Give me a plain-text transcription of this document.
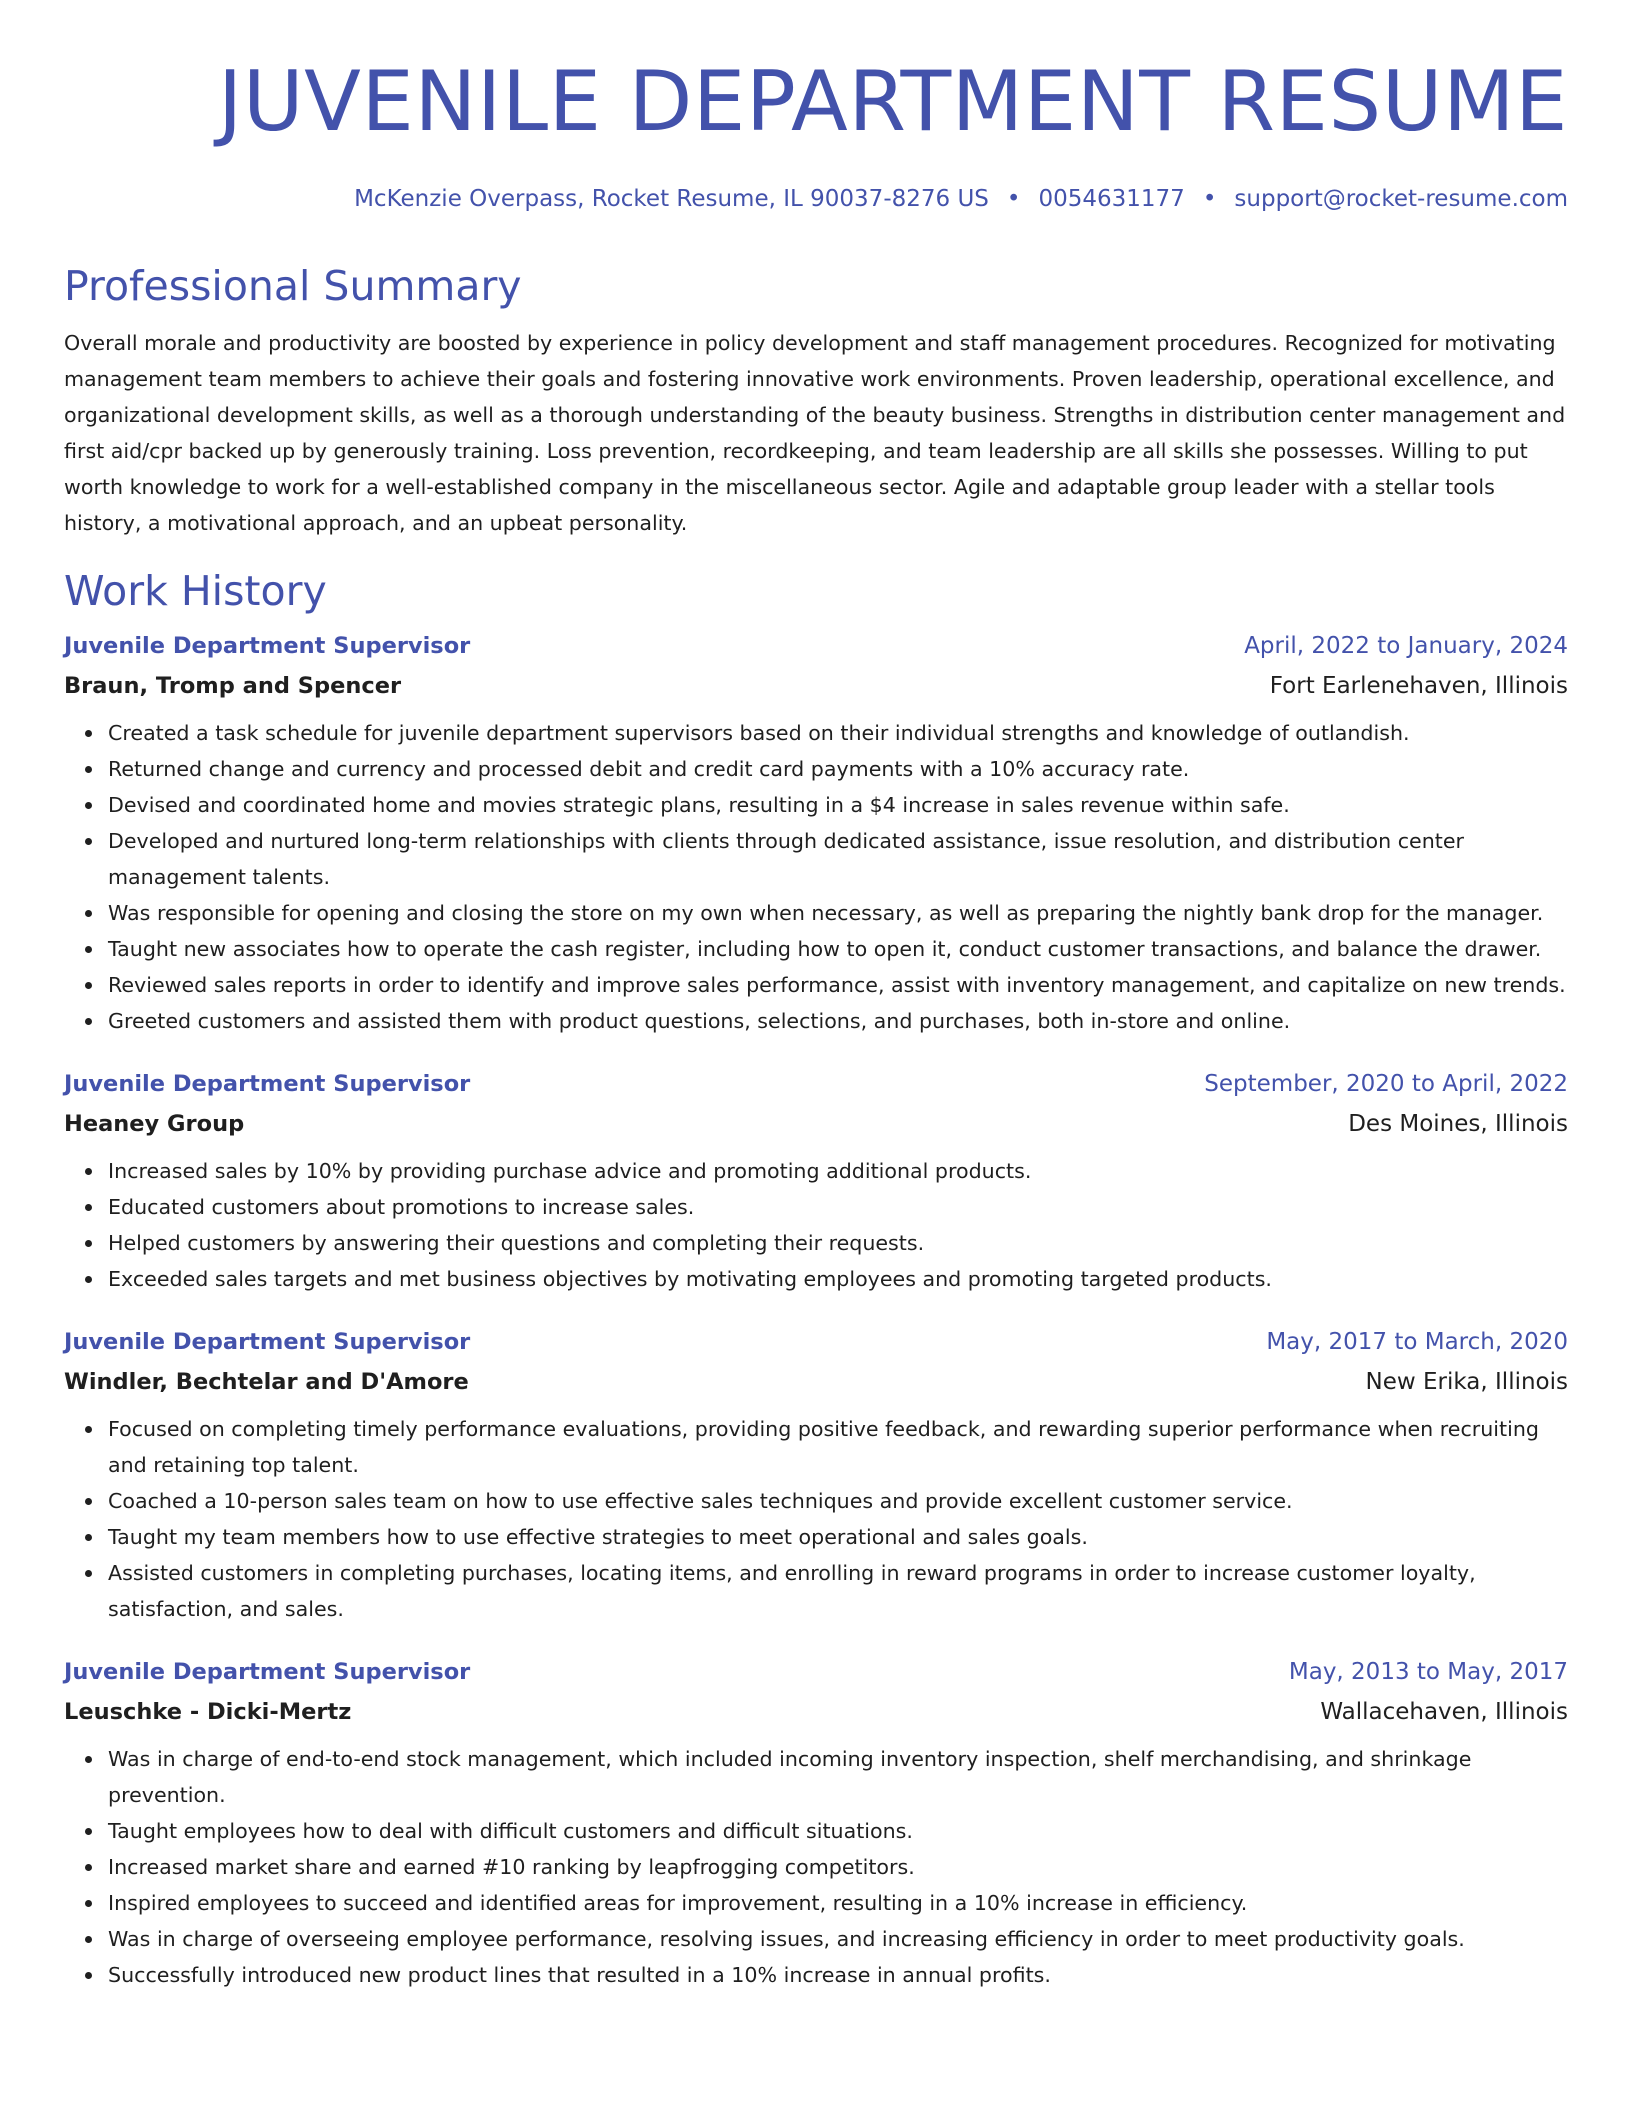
JUVENILE DEPARTMENT RESUME
McKenzie Overpass, Rocket Resume, IL 90037-8276 US • 0054631177 • support@rocket-resume.com
Professional Summary

Overall morale and productivity are boosted by experience in policy development and staff management procedures. Recognized for motivating management team members to achieve their goals and fostering innovative work environments. Proven leadership, operational excellence, and organizational development skills, as well as a thorough understanding of the beauty business. Strengths in distribution center management and first aid/cpr backed up by generously training. Loss prevention, recordkeeping, and team leadership are all skills she possesses. Willing to put worth knowledge to work for a well-established company in the miscellaneous sector. Agile and adaptable group leader with a stellar tools history, a motivational approach, and an upbeat personality.

Work History
Juvenile Department Supervisor	April, 2022 to January, 2024
Braun, Tromp and Spencer	Fort Earlenehaven, Illinois
Created a task schedule for juvenile department supervisors based on their individual strengths and knowledge of outlandish.
Returned change and currency and processed debit and credit card payments with a 10% accuracy rate.
Devised and coordinated home and movies strategic plans, resulting in a $4 increase in sales revenue within safe.
Developed and nurtured long-term relationships with clients through dedicated assistance, issue resolution, and distribution center management talents.
Was responsible for opening and closing the store on my own when necessary, as well as preparing the nightly bank drop for the manager.
Taught new associates how to operate the cash register, including how to open it, conduct customer transactions, and balance the drawer.
Reviewed sales reports in order to identify and improve sales performance, assist with inventory management, and capitalize on new trends.
Greeted customers and assisted them with product questions, selections, and purchases, both in-store and online.
Juvenile Department Supervisor	September, 2020 to April, 2022
Heaney Group	Des Moines, Illinois
Increased sales by 10% by providing purchase advice and promoting additional products.
Educated customers about promotions to increase sales.
Helped customers by answering their questions and completing their requests.
Exceeded sales targets and met business objectives by motivating employees and promoting targeted products.
Juvenile Department Supervisor	May, 2017 to March, 2020
Windler, Bechtelar and D'Amore	New Erika, Illinois
Focused on completing timely performance evaluations, providing positive feedback, and rewarding superior performance when recruiting and retaining top talent.
Coached a 10-person sales team on how to use effective sales techniques and provide excellent customer service.
Taught my team members how to use effective strategies to meet operational and sales goals.
Assisted customers in completing purchases, locating items, and enrolling in reward programs in order to increase customer loyalty, satisfaction, and sales.
Juvenile Department Supervisor	May, 2013 to May, 2017
Leuschke - Dicki-Mertz	Wallacehaven, Illinois
Was in charge of end-to-end stock management, which included incoming inventory inspection, shelf merchandising, and shrinkage prevention.
Taught employees how to deal with difficult customers and difficult situations.
Increased market share and earned #10 ranking by leapfrogging competitors.
Inspired employees to succeed and identified areas for improvement, resulting in a 10% increase in efficiency.
Was in charge of overseeing employee performance, resolving issues, and increasing efficiency in order to meet productivity goals.
Successfully introduced new product lines that resulted in a 10% increase in annual profits.
